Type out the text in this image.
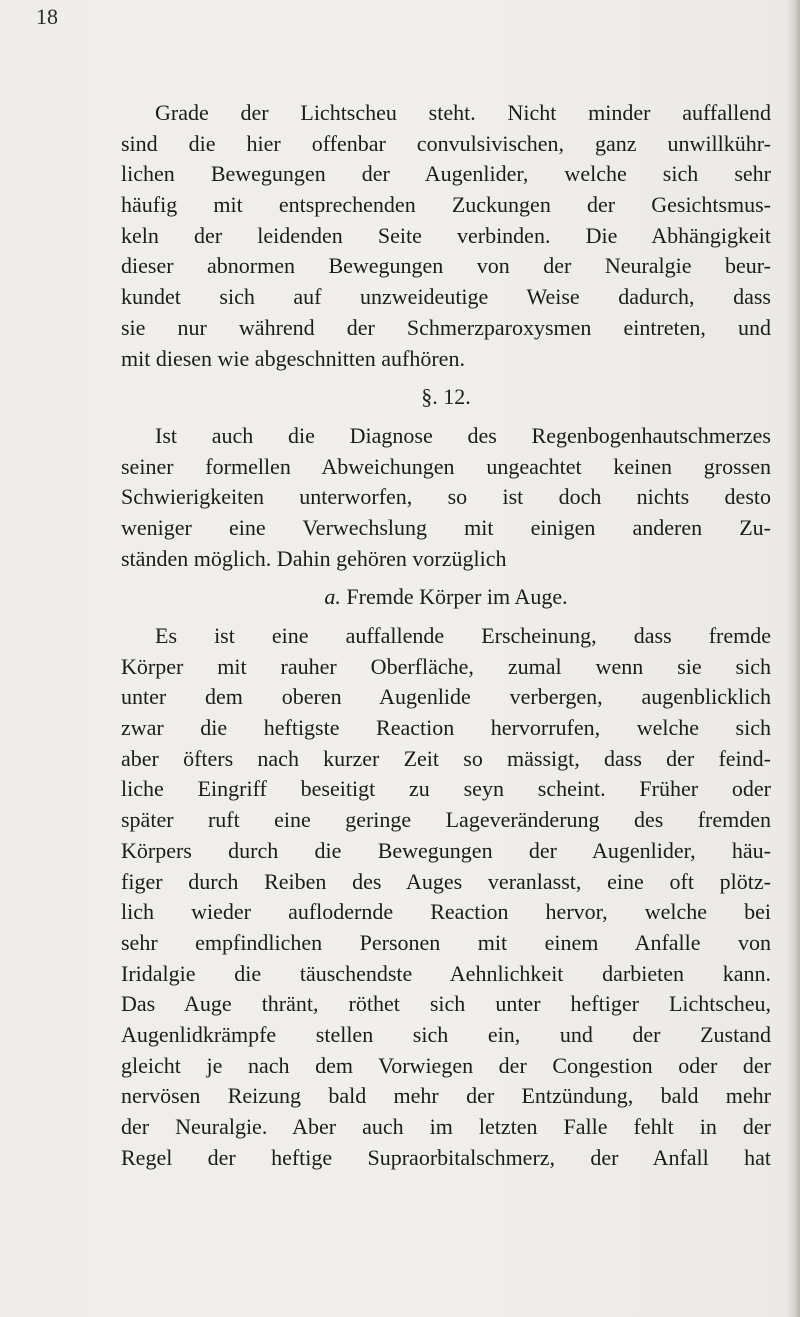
18
Grade der Lichtscheu steht. Nicht minder auffallend
sind die hier offenbar convulsivischen, ganz unwillkühr-
lichen Bewegungen der Augenlider, welche sich sehr
häufig mit entsprechenden Zuckungen der Gesichtsmus-
keln der leidenden Seite verbinden. Die Abhängigkeit
dieser abnormen Bewegungen von der Neuralgie beur-
kundet sich auf unzweideutige Weise dadurch, dass
sie nur während der Schmerzparoxysmen eintreten, und
mit diesen wie abgeschnitten aufhören.
§. 12.
Ist auch die Diagnose des Regenbogenhautschmerzes
seiner formellen Abweichungen ungeachtet keinen grossen
Schwierigkeiten unterworfen, so ist doch nichts desto
weniger eine Verwechslung mit einigen anderen Zu-
ständen möglich. Dahin gehören vorzüglich
a. Fremde Körper im Auge.
Es ist eine auffallende Erscheinung, dass fremde
Körper mit rauher Oberfläche, zumal wenn sie sich
unter dem oberen Augenlide verbergen, augenblicklich
zwar die heftigste Reaction hervorrufen, welche sich
aber öfters nach kurzer Zeit so mässigt, dass der feind-
liche Eingriff beseitigt zu seyn scheint. Früher oder
später ruft eine geringe Lageveränderung des fremden
Körpers durch die Bewegungen der Augenlider, häu-
figer durch Reiben des Auges veranlasst, eine oft plötz-
lich wieder auflodernde Reaction hervor, welche bei
sehr empfindlichen Personen mit einem Anfalle von
Iridalgie die täuschendste Aehnlichkeit darbieten kann.
Das Auge thränt, röthet sich unter heftiger Lichtscheu,
Augenlidkrämpfe stellen sich ein, und der Zustand
gleicht je nach dem Vorwiegen der Congestion oder der
nervösen Reizung bald mehr der Entzündung, bald mehr
der Neuralgie. Aber auch im letzten Falle fehlt in der
Regel der heftige Supraorbitalschmerz, der Anfall hat
